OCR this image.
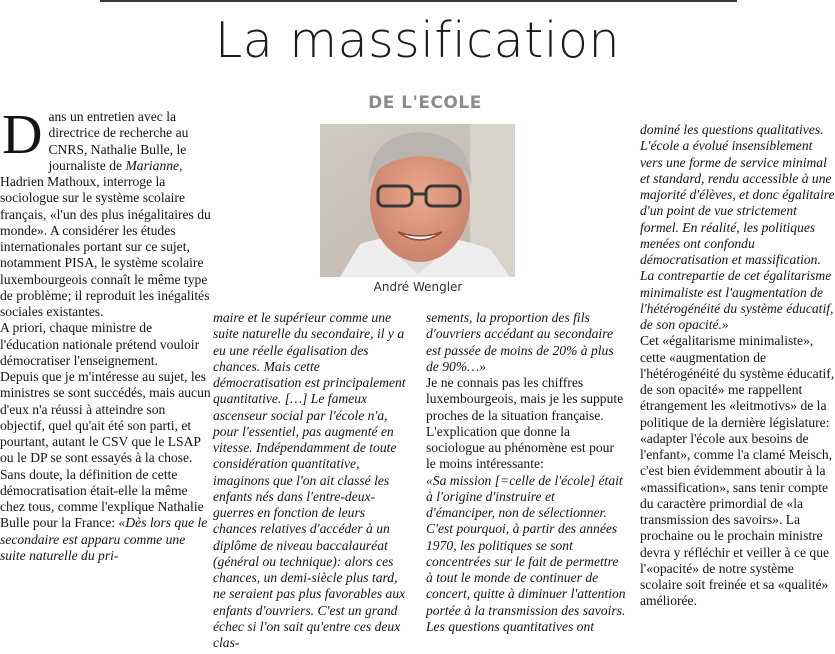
La massification
DE L'ECOLE
André Wengler

Dans un entretien avec la directrice de recherche au CNRS, Nathalie Bulle, le journaliste de Marianne, Hadrien Mathoux, interroge la sociologue sur le système scolaire français, «l'un des plus inégalitaires du monde». A considérer les études internationales portant sur ce sujet, notamment PISA, le système scolaire luxembourgeois connaît le même type de problème; il reproduit les inégalités sociales existantes.

A priori, chaque ministre de l'éducation nationale prétend vouloir démocratiser l'enseignement.

Depuis que je m'intéresse au sujet, les ministres se sont succédés, mais aucun d'eux n'a réussi à atteindre son objectif, quel qu'ait été son parti, et pourtant, autant le CSV que le LSAP ou le DP se sont essayés à la chose.

Sans doute, la définition de cette démocratisation était-elle la même chez tous, comme l'explique Nathalie Bulle pour la France: «Dès lors que le secondaire est apparu comme une suite naturelle du pri-

maire et le supérieur comme une suite naturelle du secondaire, il y a eu une réelle égalisation des chances. Mais cette démocratisation est principalement quantitative. […] Le fameux ascenseur social par l'école n'a, pour l'essentiel, pas augmenté en vitesse. Indépendamment de toute considération quantitative, imaginons que l'on ait classé les enfants nés dans l'entre-deux-guerres en fonction de leurs chances relatives d'accéder à un diplôme de niveau baccalauréat (général ou technique): alors ces chances, un demi-siècle plus tard, ne seraient pas plus favorables aux enfants d'ouvriers. C'est un grand échec si l'on sait qu'entre ces deux clas-

sements, la proportion des fils d'ouvriers accédant au secondaire est passée de moins de 20% à plus de 90%…»

Je ne connais pas les chiffres luxembourgeois, mais je les suppute proches de la situation française.

L'explication que donne la sociologue au phénomène est pour le moins intéressante:

«Sa mission [=celle de l'école] était à l'origine d'instruire et d'émanciper, non de sélectionner. C'est pourquoi, à partir des années 1970, les politiques se sont concentrées sur le fait de permettre à tout le monde de continuer de concert, quitte à diminuer l'attention portée à la transmission des savoirs. Les questions quantitatives ont

dominé les questions qualitatives. L'école a évolué insensiblement vers une forme de service minimal et standard, rendu accessible à une majorité d'élèves, et donc égalitaire d'un point de vue strictement formel. En réalité, les politiques menées ont confondu démocratisation et massification. La contrepartie de cet égalitarisme minimaliste est l'augmentation de l'hétérogénéité du système éducatif, de son opacité.»

Cet «égalitarisme minimaliste», cette «augmentation de l'hétérogénéité du système éducatif, de son opacité» me rappellent étrangement les «leitmotivs» de la politique de la dernière législature: «adapter l'école aux besoins de l'enfant», comme l'a clamé Meisch, c'est bien évidemment aboutir à la «massification», sans tenir compte du caractère primordial de «la transmission des savoirs». La prochaine ou le prochain ministre devra y réfléchir et veiller à ce que l'«opacité» de notre système scolaire soit freinée et sa «qualité» améliorée.
